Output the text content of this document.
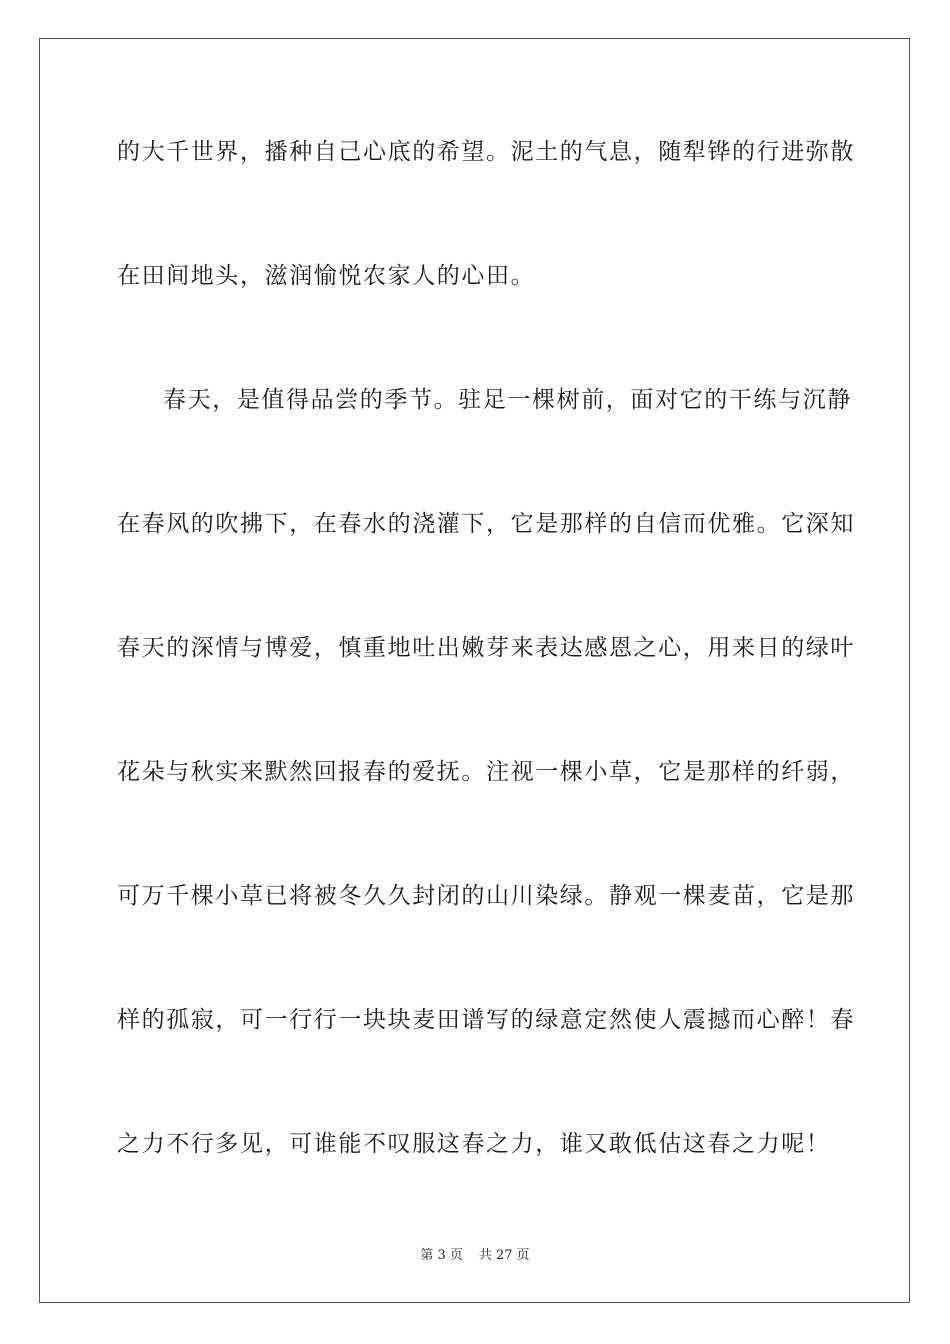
的大千世界，播种自己心底的希望。泥土的气息，随犁铧的行进弥散
在田间地头，滋润愉悦农家人的心田。
春天，是值得品尝的季节。驻足一棵树前，面对它的干练与沉静
在春风的吹拂下，在春水的浇灌下，它是那样的自信而优雅。它深知
春天的深情与博爱，慎重地吐出嫩芽来表达感恩之心，用来日的绿叶
花朵与秋实来默然回报春的爱抚。注视一棵小草，它是那样的纤弱，
可万千棵小草已将被冬久久封闭的山川染绿。静观一棵麦苗，它是那
样的孤寂，可一行行一块块麦田谱写的绿意定然使人震撼而心醉！春
之力不行多见，可谁能不叹服这春之力，谁又敢低估这春之力呢！
第 3 页 共 27 页
